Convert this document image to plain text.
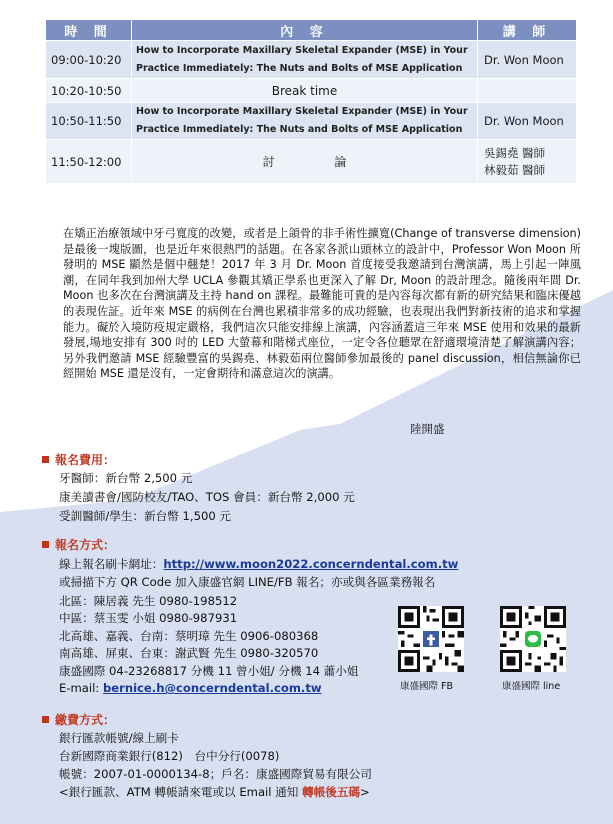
時 間	內 容	講 師
09:00-10:20	How to Incorporate Maxillary Skeletal Expander (MSE) in Your Practice Immediately: The Nuts and Bolts of MSE Application	Dr. Won Moon
10:20-10:50	Break time	
10:50-11:50	How to Incorporate Maxillary Skeletal Expander (MSE) in Your Practice Immediately: The Nuts and Bolts of MSE Application	Dr. Won Moon
11:50-12:00	討 論	吳錫堯 醫師
林毅茹 醫師
在矯正治療領域中牙弓寬度的改變，或者是上頜骨的非手術性擴寬(Change of transverse dimension)是最後一塊版圖，也是近年來很熱門的話題。在各家各派山頭林立的設計中，Professor Won Moon 所發明的 MSE 顯然是個中翹楚！2017 年 3 月 Dr. Moon 首度接受我邀請到台灣演講，馬上引起一陣風潮，在同年我到加州大學 UCLA 參觀其矯正學系也更深入了解 Dr, Moon 的設計理念。隨後兩年間 Dr. Moon 也多次在台灣演講及主持 hand on 課程。最難能可貴的是內容每次都有新的研究結果和臨床優越的表現佐証。近年來 MSE 的病例在台灣也累積非常多的成功經驗，也表現出我們對新技術的追求和掌握能力。礙於入境防疫規定嚴格，我們這次只能安排線上演講，內容涵蓋這三年來 MSE 使用和效果的最新發展,場地安排有 300 吋的 LED 大螢幕和階梯式座位，一定令各位聽眾在舒適環境清楚了解演講內容；另外我們邀請 MSE 經驗豐富的吳錫堯、林毅茹兩位醫師參加最後的 panel discussion，相信無論你已經開始 MSE 還是沒有，一定會期待和滿意這次的演講。
陸開盛
報名費用：
牙醫師：新台幣 2,500 元
康美讀書會/國防校友/TAO、TOS 會員：新台幣 2,000 元
受訓醫師/學生：新台幣 1,500 元
報名方式：
線上報名刷卡網址：http://www.moon2022.concerndental.com.tw
或掃描下方 QR Code 加入康盛官網 LINE/FB 報名；亦或與各區業務報名
北區：陳居義 先生 0980-198512
中區：蔡玉雯 小姐 0980-987931
北高雄、嘉義、台南：蔡明璋 先生 0906-080368
南高雄、屏東、台東：謝武賢 先生 0980-320570
康盛國際 04-23268817 分機 11 曾小姐/ 分機 14 蕭小姐
E-mail: bernice.h@concerndental.com.tw	康盛國際 FB	康盛國際 line
繳費方式：
銀行匯款帳號/線上刷卡
台新國際商業銀行(812)　台中分行(0078)
帳號：2007-01-0000134-8；戶名：康盛國際貿易有限公司
<銀行匯款、ATM 轉帳請來電或以 Email 通知 轉帳後五碼>
